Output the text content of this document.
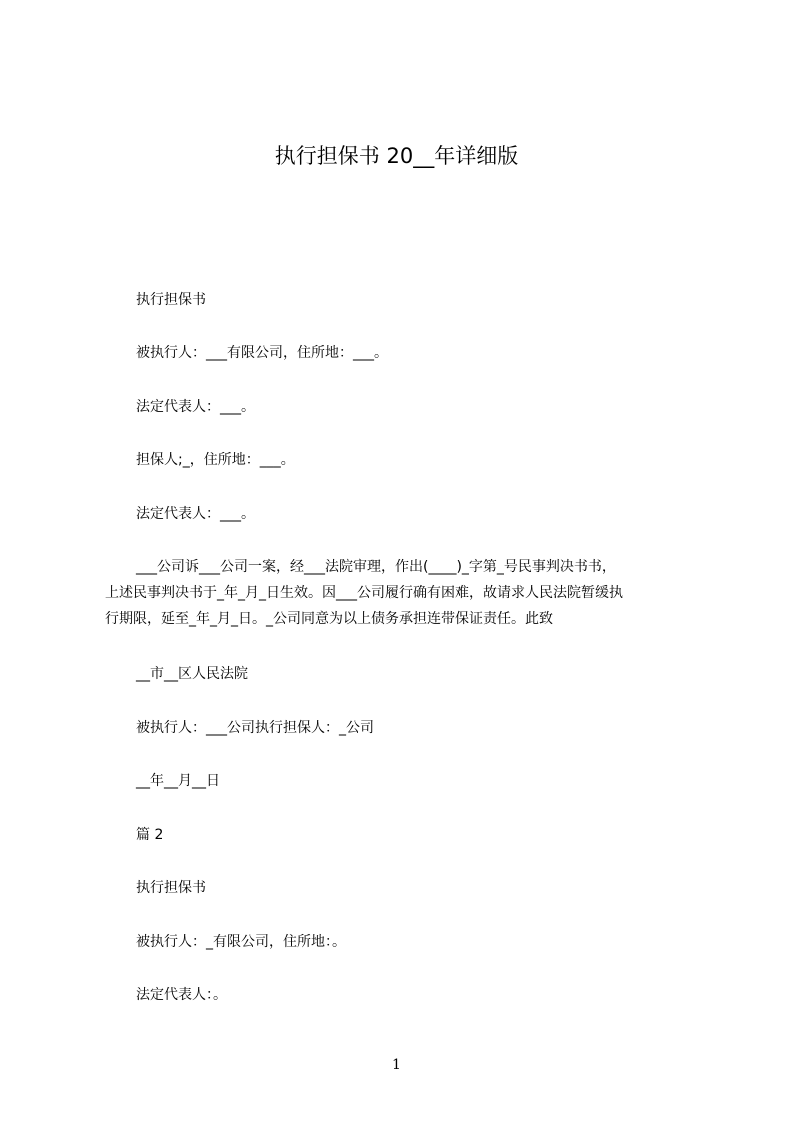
执行担保书 20__年详细版

执行担保书

被执行人：___有限公司，住所地：___。

法定代表人：___。

担保人;_，住所地：___。

法定代表人：___。

___公司诉___公司一案，经___法院审理，作出(____)_字第_号民事判决书书，
上述民事判决书于_年_月_日生效。因___公司履行确有困难，故请求人民法院暂缓执
行期限，延至_年_月_日。_公司同意为以上债务承担连带保证责任。此致

__市__区人民法院

被执行人：___公司执行担保人：_公司

__年__月__日

篇 2

执行担保书

被执行人：_有限公司，住所地：。

法定代表人：。

1
